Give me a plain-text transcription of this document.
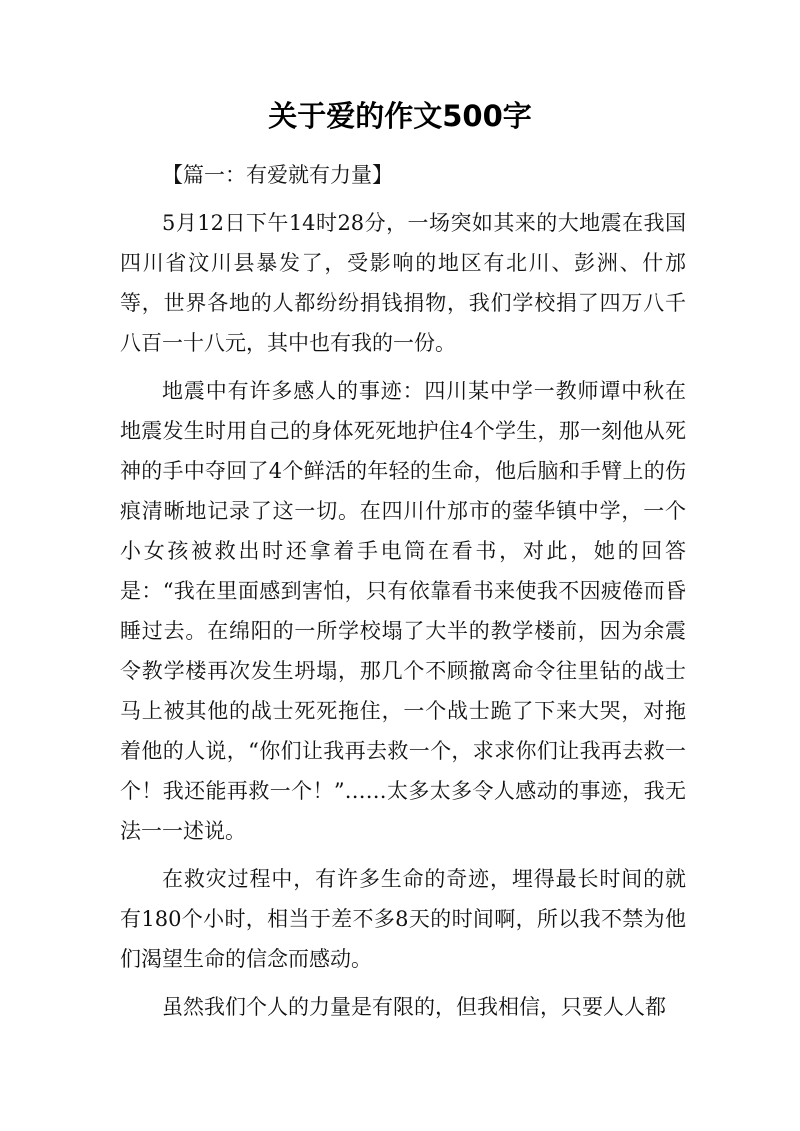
关于爱的作文500字
【篇一：有爱就有力量】

5月12日下午14时28分，一场突如其来的大地震在我国四川省汶川县暴发了，受影响的地区有北川、彭洲、什邡等，世界各地的人都纷纷捐钱捐物，我们学校捐了四万八千八百一十八元，其中也有我的一份。

地震中有许多感人的事迹：四川某中学一教师谭中秋在地震发生时用自己的身体死死地护住4个学生，那一刻他从死神的手中夺回了4个鲜活的年轻的生命，他后脑和手臂上的伤痕清晰地记录了这一切。在四川什邡市的蓥华镇中学，一个小女孩被救出时还拿着手电筒在看书，对此，她的回答是：“我在里面感到害怕，只有依靠看书来使我不因疲倦而昏睡过去。在绵阳的一所学校塌了大半的教学楼前，因为余震令教学楼再次发生坍塌，那几个不顾撤离命令往里钻的战士马上被其他的战士死死拖住，一个战士跪了下来大哭，对拖着他的人说，“你们让我再去救一个，求求你们让我再去救一个！我还能再救一个！”……太多太多令人感动的事迹，我无法一一述说。

在救灾过程中，有许多生命的奇迹，埋得最长时间的就有180个小时，相当于差不多8天的时间啊，所以我不禁为他们渴望生命的信念而感动。

虽然我们个人的力量是有限的，但我相信，只要人人都
